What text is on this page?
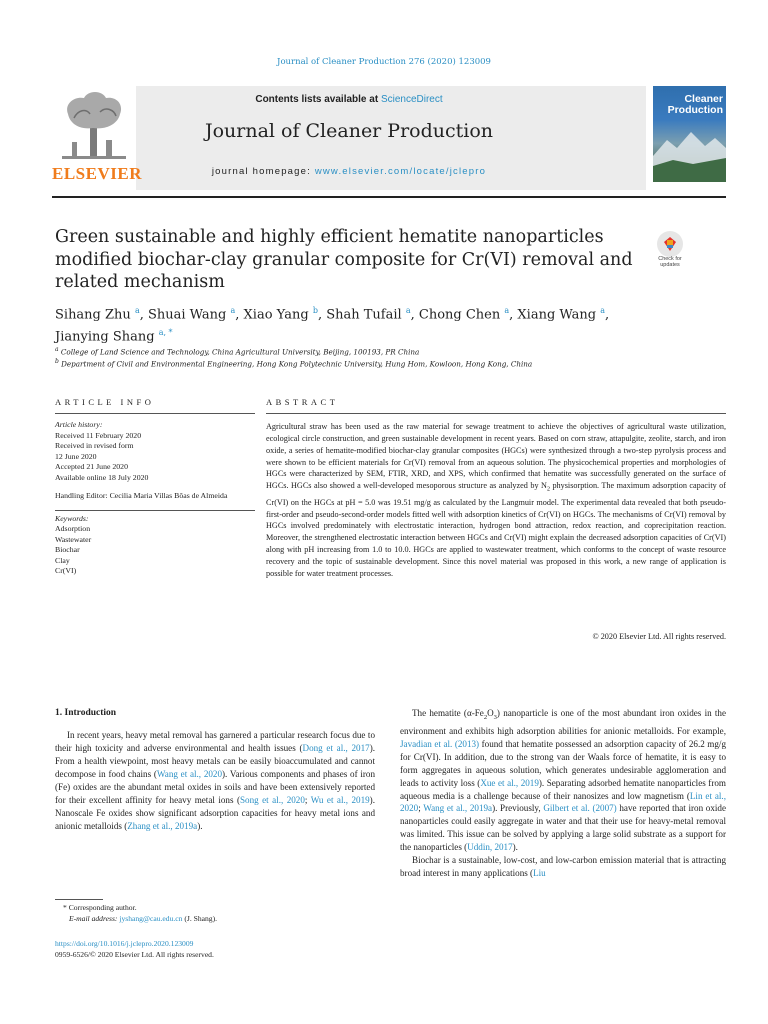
Journal of Cleaner Production 276 (2020) 123009
Contents lists available at ScienceDirect
Journal of Cleaner Production
journal homepage: www.elsevier.com/locate/jclepro
ELSEVIER
Cleaner
Production
Green sustainable and highly efficient hematite nanoparticles modified biochar-clay granular composite for Cr(VI) removal and related mechanism
Check for
updates
Sihang Zhu $^a$, Shuai Wang $^a$, Xiao Yang $^b$, Shah Tufail $^a$, Chong Chen $^a$, Xiang Wang $^a$,
Jianying Shang $^{a, *}$
$^a$ College of Land Science and Technology, China Agricultural University, Beijing, 100193, PR China
$^b$ Department of Civil and Environmental Engineering, Hong Kong Polytechnic University, Hung Hom, Kowloon, Hong Kong, China
ARTICLE INFO	ABSTRACT
Article history:
Received 11 February 2020
Received in revised form
12 June 2020
Accepted 21 June 2020
Available online 18 July 2020
Handling Editor: Cecilia Maria Villas Bôas de Almeida
Keywords:
Adsorption
Wastewater
Biochar
Clay
Cr(VI)
Agricultural straw has been used as the raw material for sewage treatment to achieve the objectives of agricultural waste utilization, ecological circle construction, and green sustainable development in recent years. Based on corn straw, attapulgite, zeolite, starch, and iron oxide, a series of hematite-modified biochar-clay granular composites (HGCs) were synthesized through a two-step pyrolysis process and were shown to be efficient materials for Cr(VI) removal from an aqueous solution. The physicochemical properties and morphologies of HGCs were characterized by SEM, FTIR, XRD, and XPS, which confirmed that hematite was successfully generated on the surface of HGCs. HGCs also showed a well-developed mesoporous structure as analyzed by $N_2$ physisorption. The maximum adsorption capacity of Cr(VI) on the HGCs at pH = 5.0 was 19.51 mg/g as calculated by the Langmuir model. The experimental data revealed that both pseudo-first-order and pseudo-second-order models fitted well with adsorption kinetics of Cr(VI) on HGCs. The mechanisms of Cr(VI) removal by HGCs involved predominately with electrostatic interaction, hydrogen bond attraction, redox reaction, and coprecipitation reaction. Moreover, the strengthened electrostatic interaction between HGCs and Cr(VI) might explain the decreased adsorption capacities of Cr(VI) along with pH increasing from 1.0 to 10.0. HGCs are applied to wastewater treatment, which conforms to the concept of waste resource recovery and the topic of sustainable development. Since this novel material was proposed in this work, a new range of application is possible for water treatment processes.
© 2020 Elsevier Ltd. All rights reserved.
1. Introduction

In recent years, heavy metal removal has garnered a particular research focus due to their high toxicity and adverse environmental and health issues (Dong et al., 2017). From a health viewpoint, most heavy metals can be easily bioaccumulated and cannot decompose in food chains (Wang et al., 2020). Various components and phases of iron (Fe) oxides are the abundant metal oxides in soils and have been extensively reported for their excellent affinity for heavy metal ions (Song et al., 2020; Wu et al., 2019). Nanoscale Fe oxides show significant adsorption capacities for heavy metal ions and anionic metalloids (Zhang et al., 2019a).

The hematite $(\alpha-Fe_2O_3)$ nanoparticle is one of the most abundant iron oxides in the environment and exhibits high adsorption abilities for anionic metalloids. For example, Javadian et al. (2013) found that hematite possessed an adsorption capacity of 26.2 mg/g for Cr(VI). In addition, due to the strong van der Waals force of hematite, it is easy to form aggregates in aqueous solution, which generates undesirable agglomeration and leads to activity loss (Xue et al., 2019). Separating adsorbed hematite nanoparticles from aqueous media is a challenge because of their nanosizes and low magnetism (Lin et al., 2020; Wang et al., 2019a). Previously, Gilbert et al. (2007) have reported that iron oxide nanoparticles could easily aggregate in water and that their use for heavy-metal removal was limited. This issue can be solved by applying a large solid substrate as a support for the nanoparticles (Uddin, 2017).

Biochar is a sustainable, low-cost, and low-carbon emission material that is attracting broad interest in many applications (Liu

* Corresponding author.
E-mail address: jyshang@cau.edu.cn (J. Shang).
https://doi.org/10.1016/j.jclepro.2020.123009
0959-6526/© 2020 Elsevier Ltd. All rights reserved.
